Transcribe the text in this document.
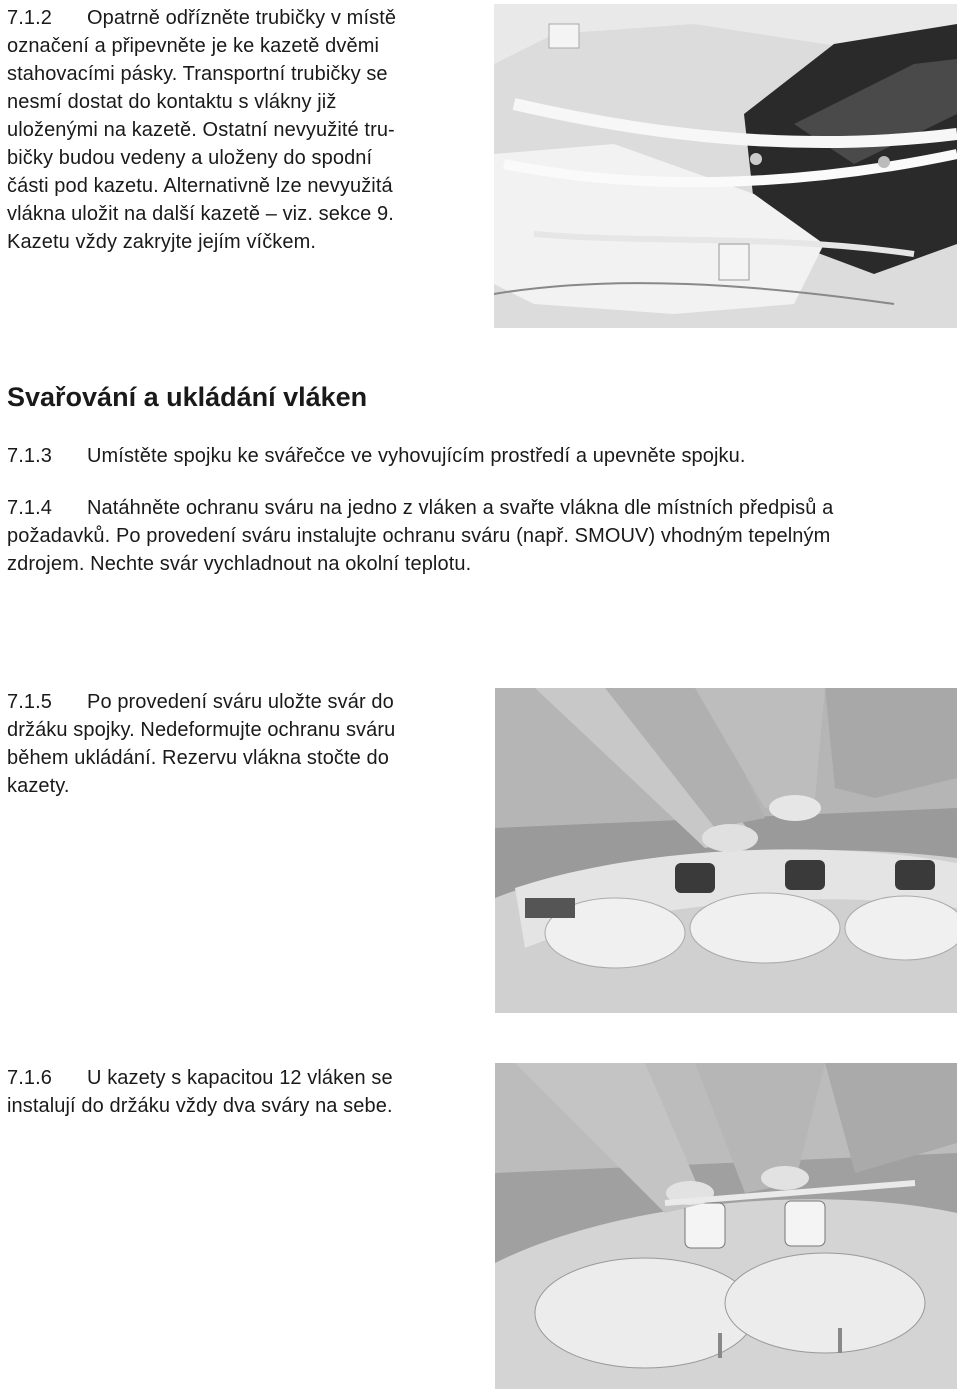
7.1.2 Opatrně odřízněte trubičky v místě
označení a připevněte je ke kazetě dvěmi
stahovacími pásky. Transportní trubičky se
nesmí dostat do kontaktu s vlákny již
uloženými na kazetě. Ostatní nevyužité tru-
bičky budou vedeny a uloženy do spodní
části pod kazetu. Alternativně lze nevyužitá
vlákna uložit na další kazetě – viz. sekce 9.
Kazetu vždy zakryjte jejím víčkem.
Svařování a ukládání vláken
7.1.3 Umístěte spojku ke svářečce ve vyhovujícím prostředí a upevněte spojku.
7.1.4 Natáhněte ochranu sváru na jedno z vláken a svařte vlákna dle místních předpisů a
požadavků. Po provedení sváru instalujte ochranu sváru (např. SMOUV) vhodným tepelným
zdrojem. Nechte svár vychladnout na okolní teplotu.
7.1.5 Po provedení sváru uložte svár do
držáku spojky. Nedeformujte ochranu sváru
během ukládání. Rezervu vlákna stočte do
kazety.
7.1.6 U kazety s kapacitou 12 vláken se
instalují do držáku vždy dva sváry na sebe.
